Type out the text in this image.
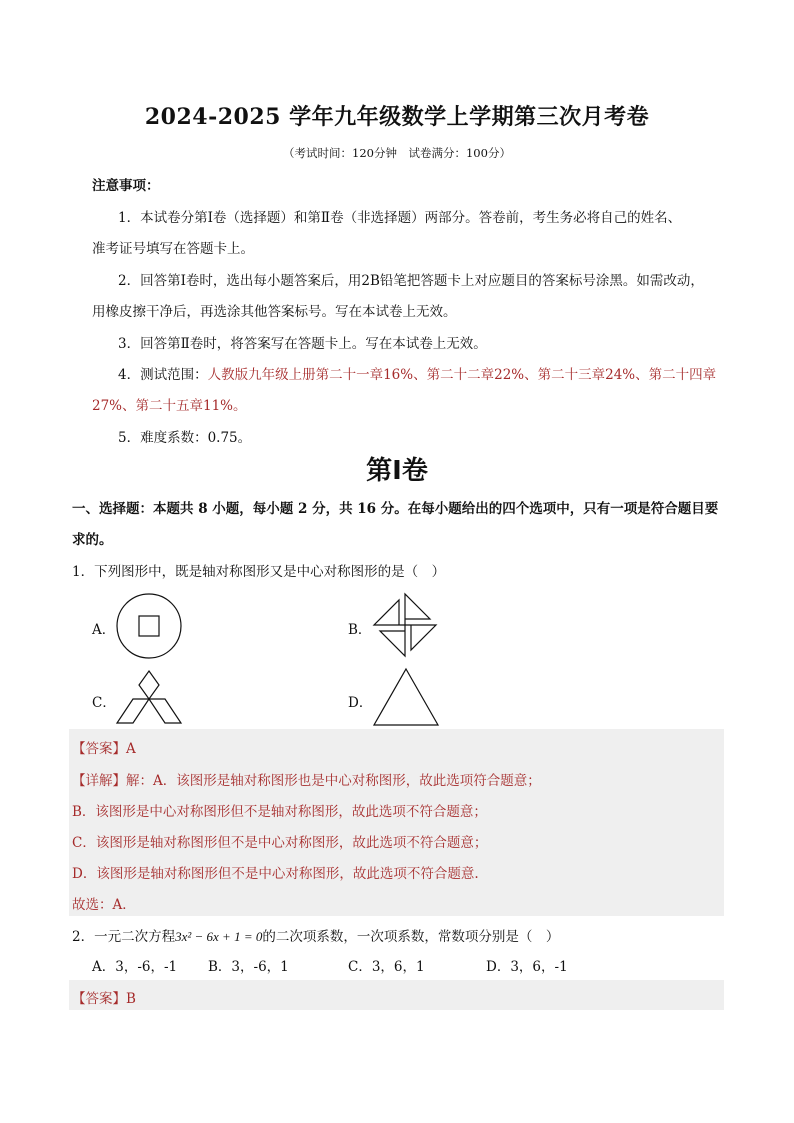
2024-2025 学年九年级数学上学期第三次月考卷
（考试时间：120分钟　试卷满分：100分）
注意事项：
1．本试卷分第Ⅰ卷（选择题）和第Ⅱ卷（非选择题）两部分。答卷前，考生务必将自己的姓名、
准考证号填写在答题卡上。
2．回答第Ⅰ卷时，选出每小题答案后，用2B铅笔把答题卡上对应题目的答案标号涂黑。如需改动，
用橡皮擦干净后，再选涂其他答案标号。写在本试卷上无效。
3．回答第Ⅱ卷时，将答案写在答题卡上。写在本试卷上无效。
4．测试范围：人教版九年级上册第二十一章16%、第二十二章22%、第二十三章24%、第二十四章
27%、第二十五章11%。
5．难度系数：0.75。
第Ⅰ卷
一、选择题：本题共 8 小题，每小题 2 分，共 16 分。在每小题给出的四个选项中，只有一项是符合题目要
求的。
1．下列图形中，既是轴对称图形又是中心对称图形的是（　）
A．	B．
C．	D．
【答案】A
【详解】解：A．该图形是轴对称图形也是中心对称图形，故此选项符合题意；
B．该图形是中心对称图形但不是轴对称图形，故此选项不符合题意；
C．该图形是轴对称图形但不是中心对称图形，故此选项不符合题意；
D．该图形是轴对称图形但不是中心对称图形，故此选项不符合题意.
故选：A．
2．一元二次方程3x² − 6x + 1 = 0的二次项系数，一次项系数，常数项分别是（　）
A．3，-6，-1 B．3，-6，1	C．3，6，1	D．3，6，-1
【答案】B
